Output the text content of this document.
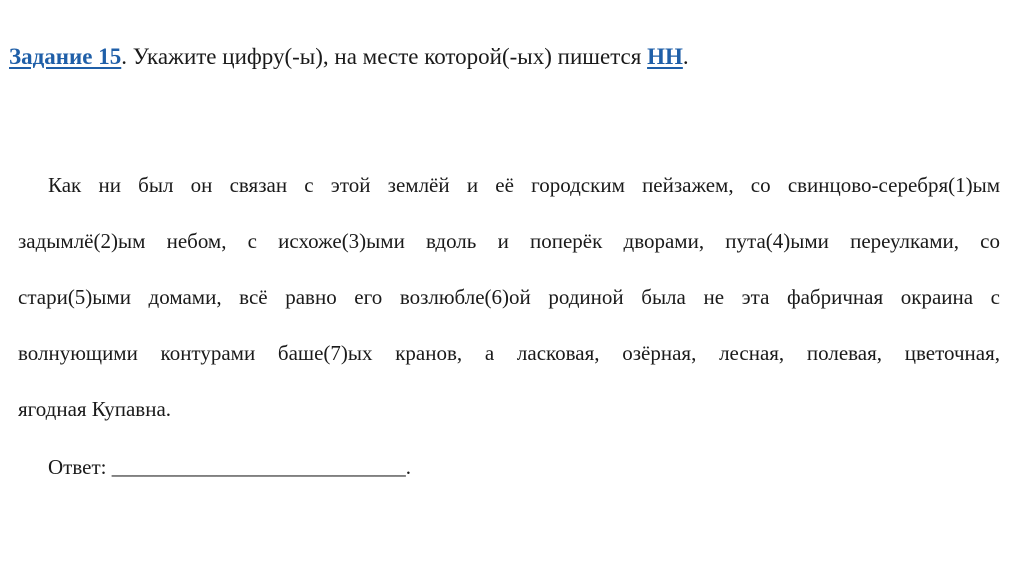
Задание 15. Укажите цифру(-ы), на месте которой(-ых) пишется НН.
Как ни был он связан с этой землёй и её городским пейзажем, со свинцово-серебря(1)ым
задымлё(2)ым небом, с исхоже(3)ыми вдоль и поперёк дворами, пута(4)ыми переулками, со
стари(5)ыми домами, всё равно его возлюбле(6)ой родиной была не эта фабричная окраина с
волнующими контурами баше(7)ых кранов, а ласковая, озёрная, лесная, полевая, цветочная,
ягодная Купавна.
Ответ: ____________________________.
